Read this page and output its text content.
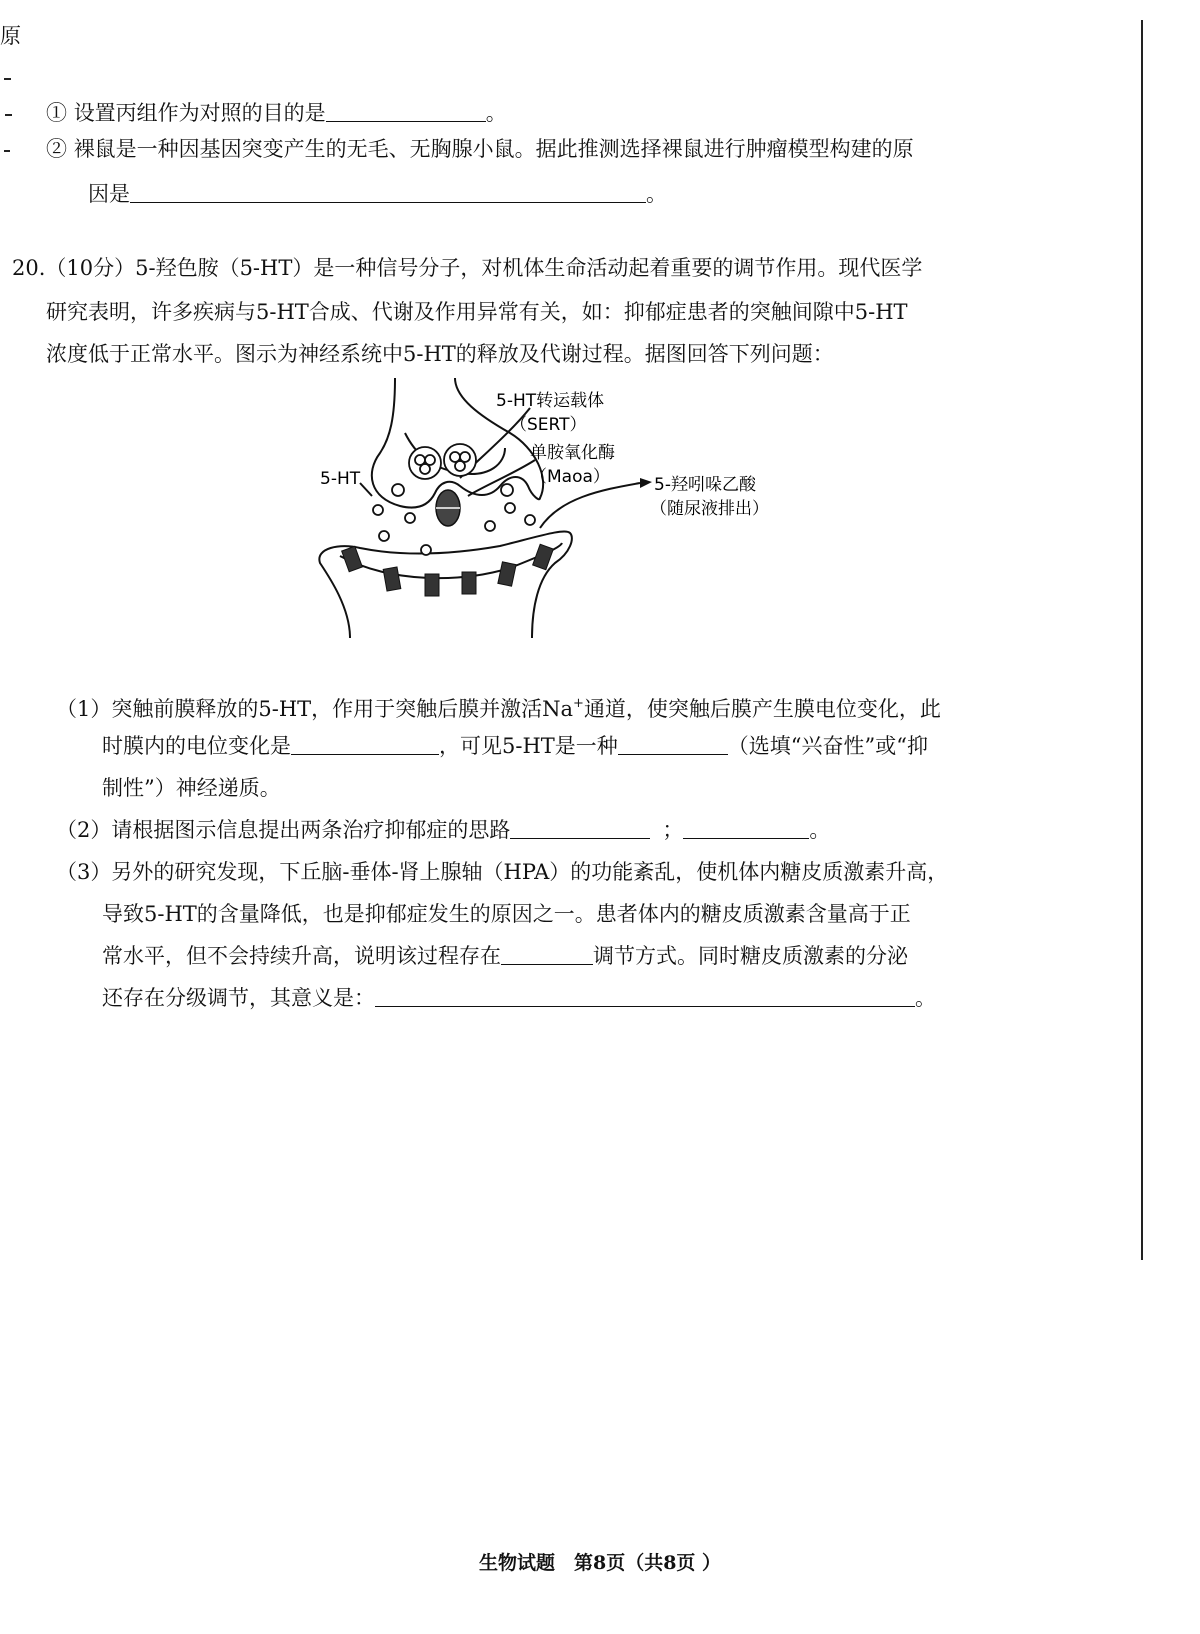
原
① 设置丙组作为对照的目的是	。
② 裸鼠是一种因基因突变产生的无毛、无胸腺小鼠。据此推测选择裸鼠进行肿瘤模型构建的原
因是	。
20.（10分）5-羟色胺（5-HT）是一种信号分子，对机体生命活动起着重要的调节作用。现代医学
研究表明，许多疾病与5-HT合成、代谢及作用异常有关，如：抑郁症患者的突触间隙中5-HT
浓度低于正常水平。图示为神经系统中5-HT的释放及代谢过程。据图回答下列问题：
5-HT转运载体
（SERT）
单胺氧化酶
（Maoa）
5-HT	5-羟吲哚乙酸
（随尿液排出）
（1）突触前膜释放的5-HT，作用于突触后膜并激活Na+通道，使突触后膜产生膜电位变化，此
时膜内的电位变化是	，可见5-HT是一种	（选填“兴奋性”或“抑
制性”）神经递质。
（2）请根据图示信息提出两条治疗抑郁症的思路	；	。
（3）另外的研究发现，下丘脑-垂体-肾上腺轴（HPA）的功能紊乱，使机体内糖皮质激素升高，
导致5-HT的含量降低，也是抑郁症发生的原因之一。患者体内的糖皮质激素含量高于正
常水平，但不会持续升高，说明该过程存在	调节方式。同时糖皮质激素的分泌
还存在分级调节，其意义是：	。
生物试题　第8页（共8页 ）
